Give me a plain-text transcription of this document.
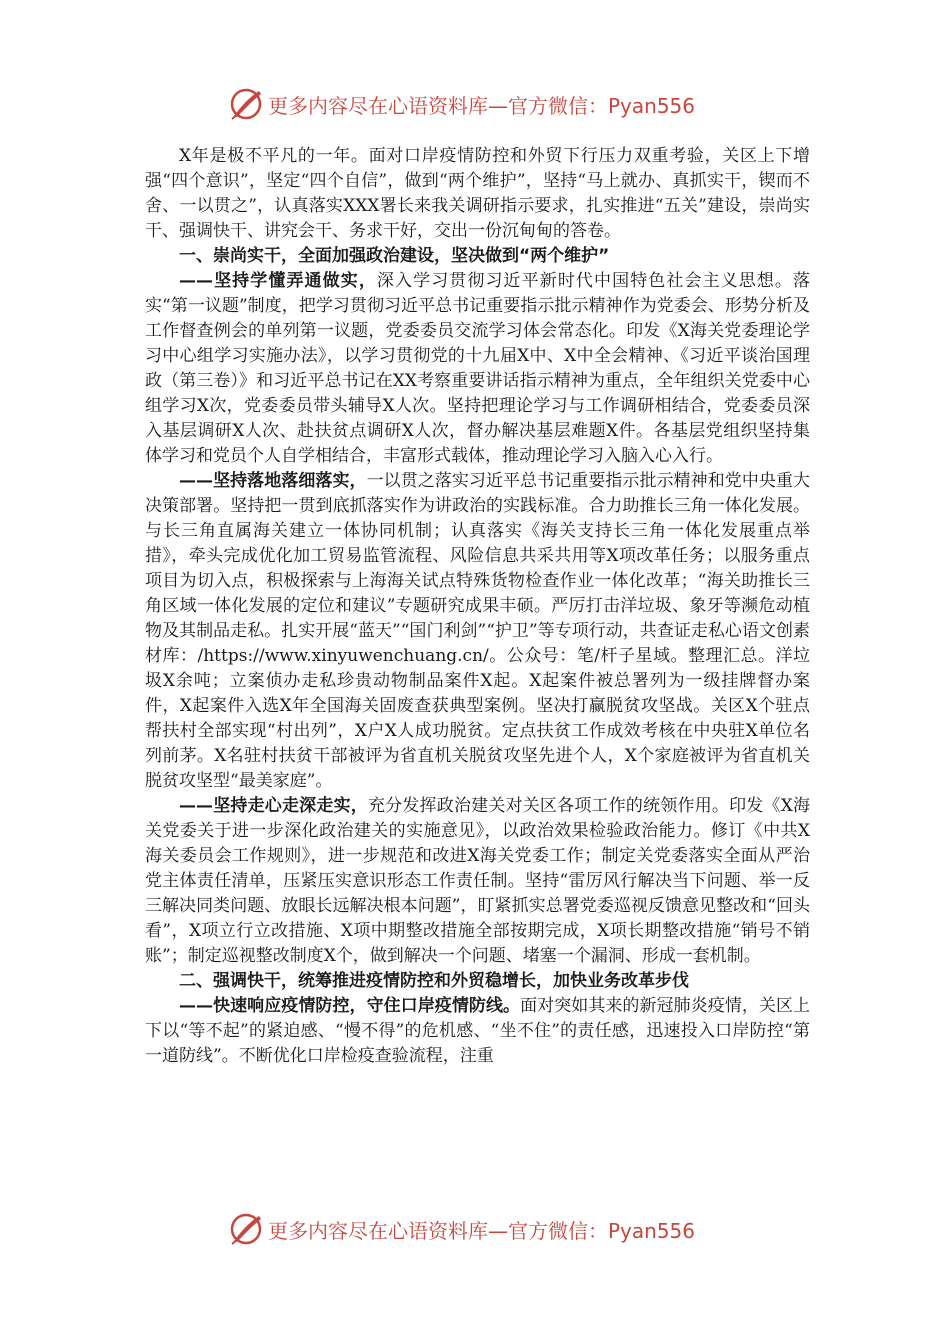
更多内容尽在心语资料库—官方微信：Pyan556

X年是极不平凡的一年。面对口岸疫情防控和外贸下行压力双重考验，关区上下增强“四个意识”，坚定“四个自信”，做到“两个维护”，坚持“马上就办、真抓实干，锲而不舍、一以贯之”，认真落实XXX署长来我关调研指示要求，扎实推进“五关”建设，崇尚实干、强调快干、讲究会干、务求干好，交出一份沉甸甸的答卷。

一、崇尚实干，全面加强政治建设，坚决做到“两个维护”

——坚持学懂弄通做实，深入学习贯彻习近平新时代中国特色社会主义思想。落实“第一议题”制度，把学习贯彻习近平总书记重要指示批示精神作为党委会、形势分析及工作督查例会的单列第一议题，党委委员交流学习体会常态化。印发《X海关党委理论学习中心组学习实施办法》，以学习贯彻党的十九届X中、X中全会精神、《习近平谈治国理政（第三卷）》和习近平总书记在XX考察重要讲话指示精神为重点，全年组织关党委中心组学习X次，党委委员带头辅导X人次。坚持把理论学习与工作调研相结合，党委委员深入基层调研X人次、赴扶贫点调研X人次，督办解决基层难题X件。各基层党组织坚持集体学习和党员个人自学相结合，丰富形式载体，推动理论学习入脑入心入行。

——坚持落地落细落实，一以贯之落实习近平总书记重要指示批示精神和党中央重大决策部署。坚持把一贯到底抓落实作为讲政治的实践标准。合力助推长三角一体化发展。与长三角直属海关建立一体协同机制；认真落实《海关支持长三角一体化发展重点举措》，牵头完成优化加工贸易监管流程、风险信息共采共用等X项改革任务；以服务重点项目为切入点，积极探索与上海海关试点特殊货物检查作业一体化改革；“海关助推长三角区域一体化发展的定位和建议”专题研究成果丰硕。严厉打击洋垃圾、象牙等濒危动植物及其制品走私。扎实开展“蓝天”“国门利剑”“护卫”等专项行动，共查证走私心语文创素材库：/https://www.xinyuwenchuang.cn/。公众号：笔/杆子星域。整理汇总。洋垃圾X余吨；立案侦办走私珍贵动物制品案件X起。X起案件被总署列为一级挂牌督办案件，X起案件入选X年全国海关固废查获典型案例。坚决打赢脱贫攻坚战。关区X个驻点帮扶村全部实现“村出列”，X户X人成功脱贫。定点扶贫工作成效考核在中央驻X单位名列前茅。X名驻村扶贫干部被评为省直机关脱贫攻坚先进个人，X个家庭被评为省直机关脱贫攻坚型“最美家庭”。

——坚持走心走深走实，充分发挥政治建关对关区各项工作的统领作用。印发《X海关党委关于进一步深化政治建关的实施意见》，以政治效果检验政治能力。修订《中共X海关委员会工作规则》，进一步规范和改进X海关党委工作；制定关党委落实全面从严治党主体责任清单，压紧压实意识形态工作责任制。坚持“雷厉风行解决当下问题、举一反三解决同类问题、放眼长远解决根本问题”，盯紧抓实总署党委巡视反馈意见整改和“回头看”，X项立行立改措施、X项中期整改措施全部按期完成，X项长期整改措施“销号不销账”；制定巡视整改制度X个，做到解决一个问题、堵塞一个漏洞、形成一套机制。

二、强调快干，统筹推进疫情防控和外贸稳增长，加快业务改革步伐

——快速响应疫情防控，守住口岸疫情防线。面对突如其来的新冠肺炎疫情，关区上下以“等不起”的紧迫感、“慢不得”的危机感、“坐不住”的责任感，迅速投入口岸防控“第一道防线”。不断优化口岸检疫查验流程，注重

更多内容尽在心语资料库—官方微信：Pyan556
